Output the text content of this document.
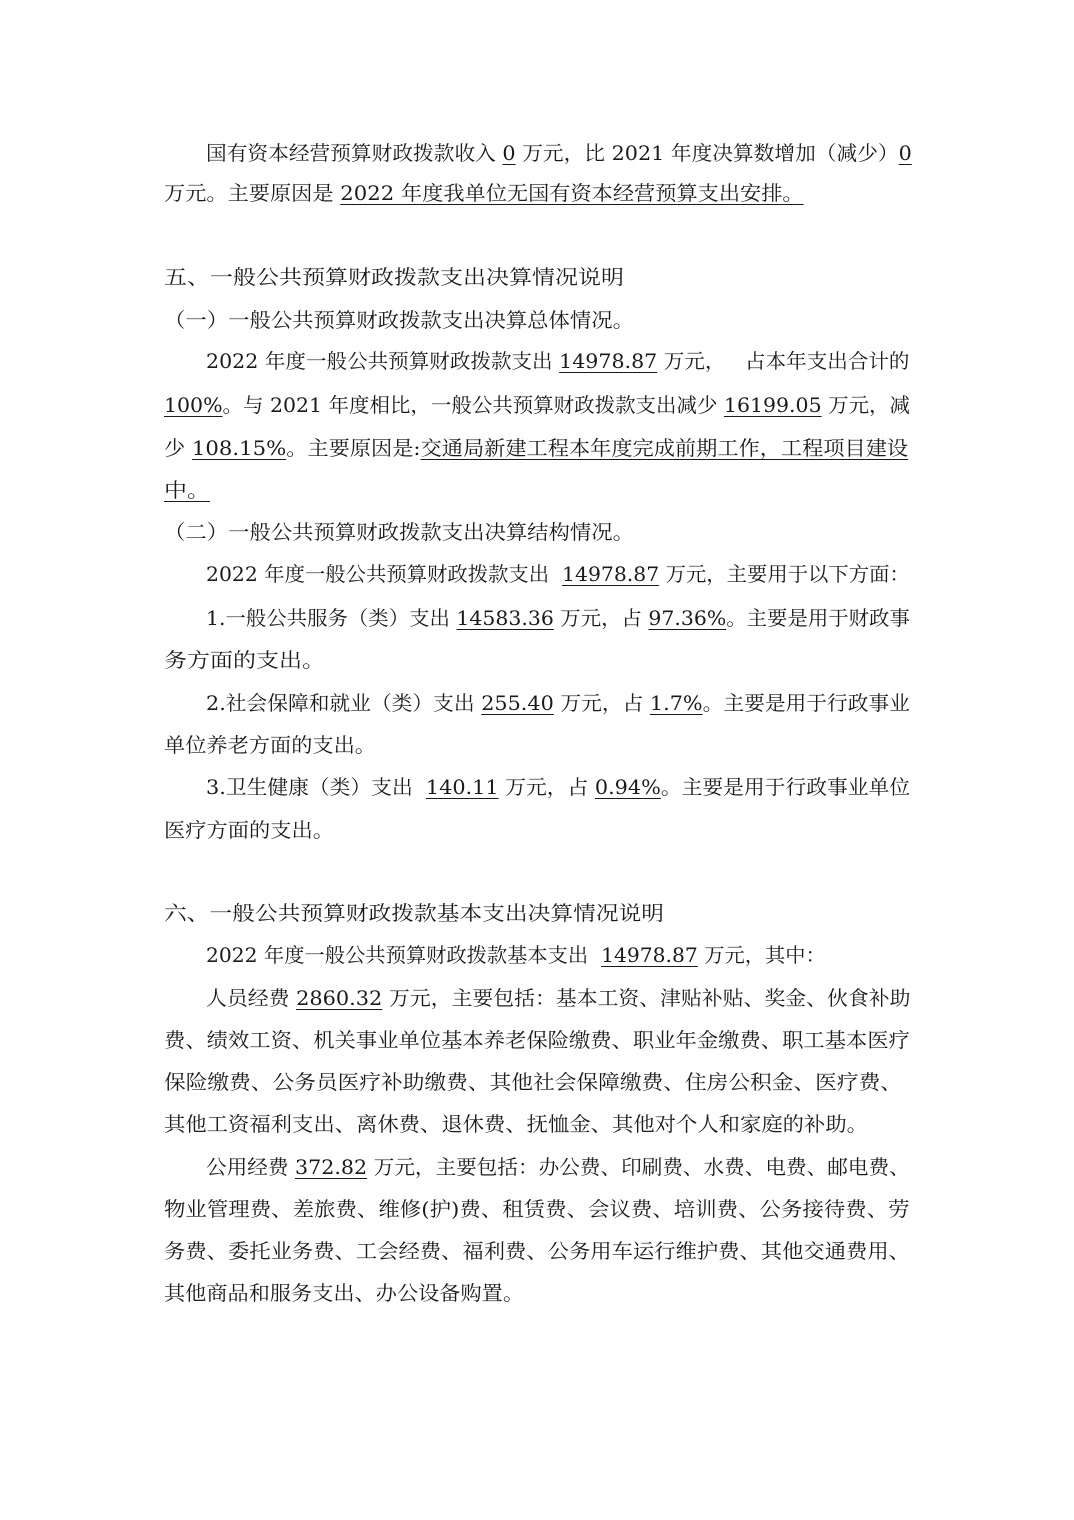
国有资本经营预算财政拨款收入 0 万元，比 2021 年度决算数增加（减少）0
万元。主要原因是 2022 年度我单位无国有资本经营预算支出安排。
五、一般公共预算财政拨款支出决算情况说明
（一）一般公共预算财政拨款支出决算总体情况。
2022 年度一般公共预算财政拨款支出 14978.87 万元，   占本年支出合计的
100%。与 2021 年度相比，一般公共预算财政拨款支出减少 16199.05 万元，减
少 108.15%。主要原因是:交通局新建工程本年度完成前期工作，工程项目建设
中。
（二）一般公共预算财政拨款支出决算结构情况。
2022 年度一般公共预算财政拨款支出  14978.87 万元，主要用于以下方面：
1.一般公共服务（类）支出 14583.36 万元，占 97.36%。主要是用于财政事
务方面的支出。
2.社会保障和就业（类）支出 255.40 万元，占 1.7%。主要是用于行政事业
单位养老方面的支出。
3.卫生健康（类）支出  140.11 万元，占 0.94%。主要是用于行政事业单位
医疗方面的支出。
六、一般公共预算财政拨款基本支出决算情况说明
2022 年度一般公共预算财政拨款基本支出  14978.87 万元，其中：
人员经费 2860.32 万元，主要包括：基本工资、津贴补贴、奖金、伙食补助
费、绩效工资、机关事业单位基本养老保险缴费、职业年金缴费、职工基本医疗
保险缴费、公务员医疗补助缴费、其他社会保障缴费、住房公积金、医疗费、
其他工资福利支出、离休费、退休费、抚恤金、其他对个人和家庭的补助。
公用经费 372.82 万元，主要包括：办公费、印刷费、水费、电费、邮电费、
物业管理费、差旅费、维修(护)费、租赁费、会议费、培训费、公务接待费、劳
务费、委托业务费、工会经费、福利费、公务用车运行维护费、其他交通费用、
其他商品和服务支出、办公设备购置。
